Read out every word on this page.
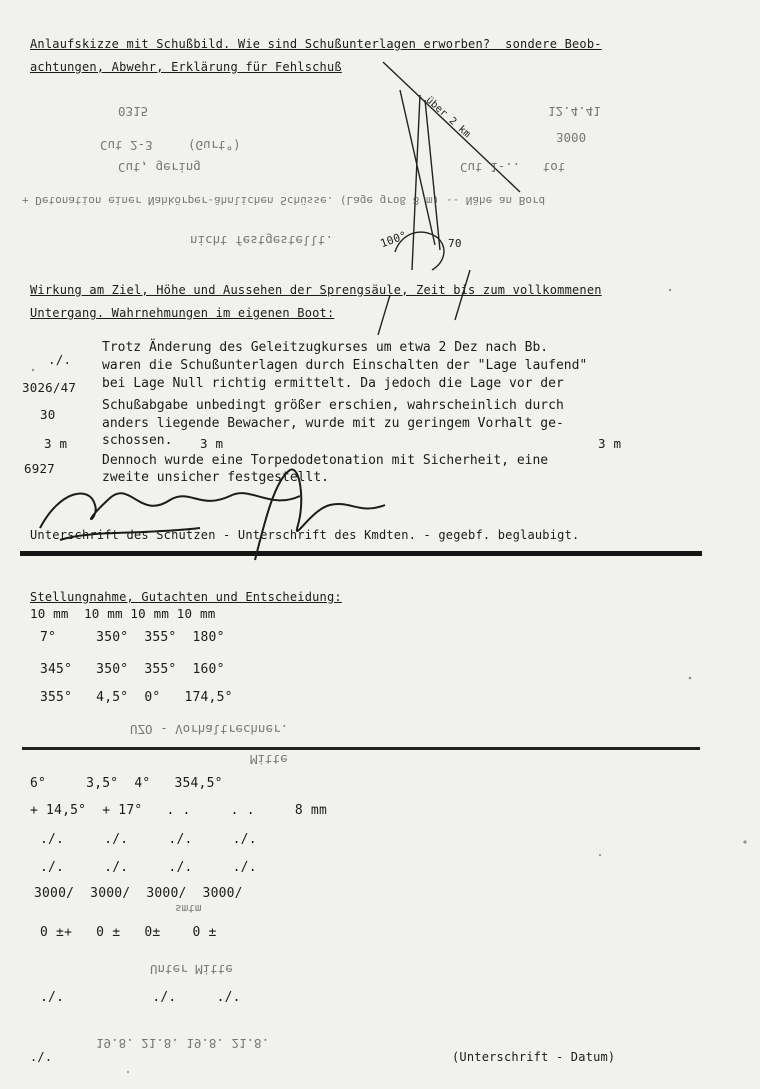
Anlaufskizze mit Schußbild. Wie sind Schußunterlagen erworben?  sondere Beob-
achtungen, Abwehr, Erklärung für Fehlschuß
0315	12.4.41
Cut 2-3	(Gurt°)
3000
Cut, gering	Cut 1-..   tot
+ Detonation einer Nahkörper-ähnlichen Schüsse. (Lage groß 8 m) -- Nähe an Bord
nicht festgestellt.	100°	70
über 2 km
Wirkung am Ziel, Höhe und Aussehen der Sprengsäule, Zeit bis zum vollkommenen
Untergang. Wahrnehmungen im eigenen Boot:
Trotz Änderung des Geleitzugkurses um etwa 2 Dez nach Bb.
waren die Schußunterlagen durch Einschalten der "Lage laufend"
bei Lage Null richtig ermittelt. Da jedoch die Lage vor der
Schußabgabe unbedingt größer erschien, wahrscheinlich durch
anders liegende Bewacher, wurde mit zu geringem Vorhalt ge-
schossen.
Dennoch wurde eine Torpedodetonation mit Sicherheit, eine
zweite unsicher festgestellt.
./.
3026/47
30
3 m
6927
3 m	3 m
Unterschrift des Schützen - Unterschrift des Kmdten. - gegebf. beglaubigt.
Stellungnahme, Gutachten und Entscheidung:
10 mm  10 mm 10 mm 10 mm
7°     350°  355°  180°
345°   350°  355°  160°
355°   4,5°  0°   174,5°
UZO - Vorhaltrechner.
Mitte
6°     3,5°  4°   354,5°
+ 14,5°  + 17°   . .     . .     8 mm
./.     ./.     ./.     ./.
./.     ./.     ./.     ./.
3000/  3000/  3000/  3000/
smtm
0 ±+   0 ±   0±    0 ±
Unter Mitte
./.           ./.     ./.
19.8. 21.8. 19.8. 21.8.
(Unterschrift - Datum)
./.
